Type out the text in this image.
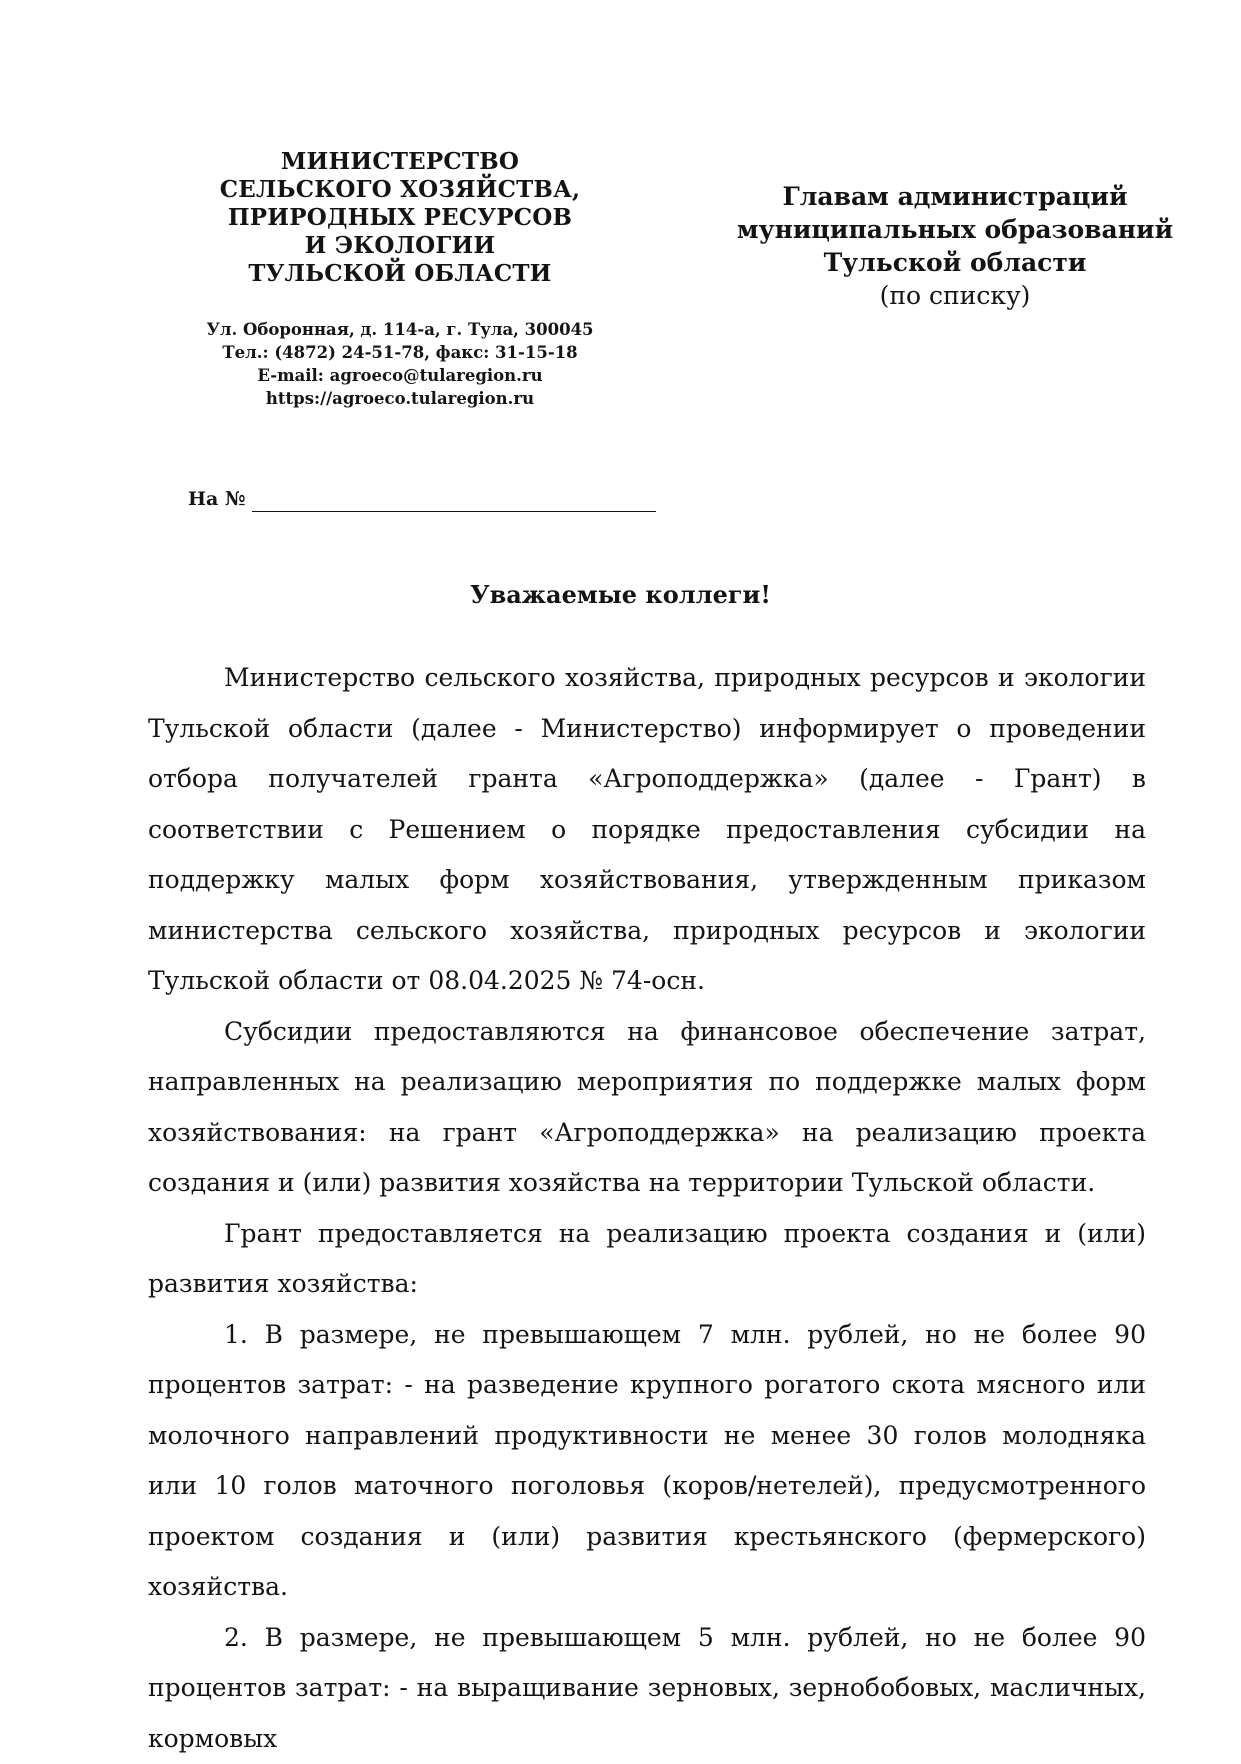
МИНИСТЕРСТВО
СЕЛЬСКОГО ХОЗЯЙСТВА,
ПРИРОДНЫХ РЕСУРСОВ
И ЭКОЛОГИИ
ТУЛЬСКОЙ ОБЛАСТИ
Ул. Оборонная, д. 114-а, г. Тула, 300045
Тел.: (4872) 24-51-78, факс: 31-15-18
E-mail: agroeco@tularegion.ru
https://agroeco.tularegion.ru
Главам администраций
муниципальных образований
Тульской области
(по списку)
На №
Уважаемые коллеги!

Министерство сельского хозяйства, природных ресурсов и экологии Тульской области (далее - Министерство) информирует о проведении отбора получателей гранта «Агроподдержка» (далее - Грант) в соответствии с Решением о порядке предоставления субсидии на поддержку малых форм хозяйствования, утвержденным приказом министерства сельского хозяйства, природных ресурсов и экологии Тульской области от 08.04.2025 № 74-осн.

Субсидии предоставляются на финансовое обеспечение затрат, направленных на реализацию мероприятия по поддержке малых форм хозяйствования: на грант «Агроподдержка» на реализацию проекта создания и (или) развития хозяйства на территории Тульской области.

Грант предоставляется на реализацию проекта создания и (или) развития хозяйства:

1. В размере, не превышающем 7 млн. рублей, но не более 90 процентов затрат: - на разведение крупного рогатого скота мясного или молочного направлений продуктивности не менее 30 голов молодняка или 10 голов маточного поголовья (коров/нетелей), предусмотренного проектом создания и (или) развития крестьянского (фермерского) хозяйства.

2. В размере, не превышающем 5 млн. рублей, но не более 90 процентов затрат: - на выращивание зерновых, зернобобовых, масличных, кормовых
